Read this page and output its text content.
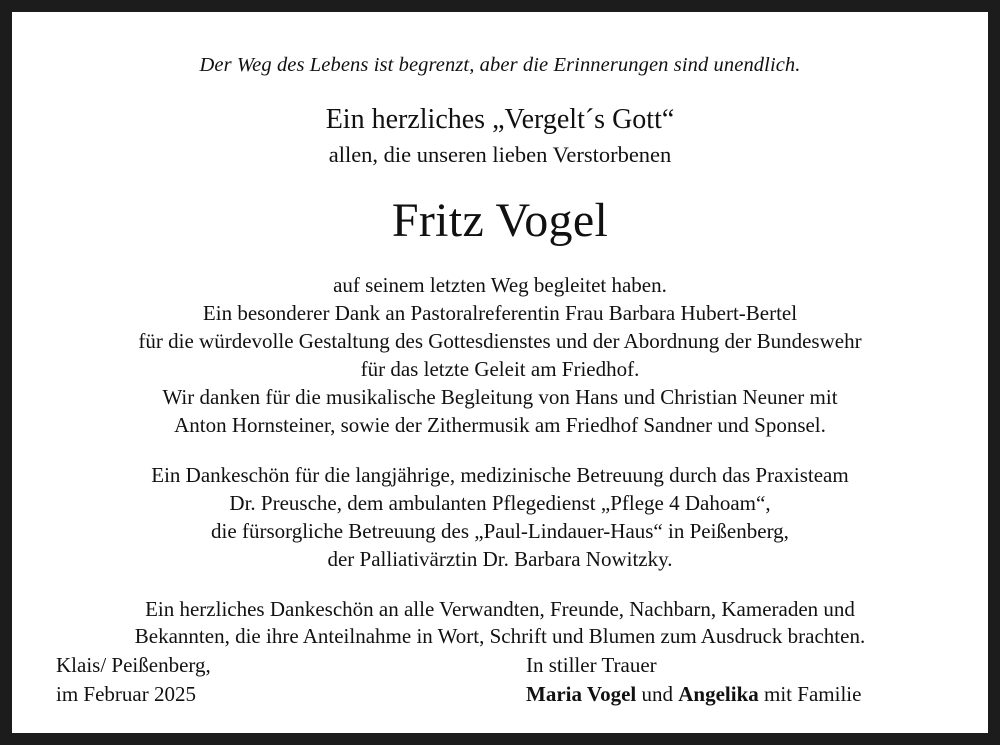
Der Weg des Lebens ist begrenzt, aber die Erinnerungen sind unendlich.
Ein herzliches „Vergelt´s Gott“
allen, die unseren lieben Verstorbenen
Fritz Vogel
auf seinem letzten Weg begleitet haben.
Ein besonderer Dank an Pastoralreferentin Frau Barbara Hubert-Bertel
für die würdevolle Gestaltung des Gottesdienstes und der Abordnung der Bundeswehr
für das letzte Geleit am Friedhof.
Wir danken für die musikalische Begleitung von Hans und Christian Neuner mit
Anton Hornsteiner, sowie der Zithermusik am Friedhof Sandner und Sponsel.
Ein Dankeschön für die langjährige, medizinische Betreuung durch das Praxisteam
Dr. Preusche, dem ambulanten Pflegedienst „Pflege 4 Dahoam“,
die fürsorgliche Betreuung des „Paul-Lindauer-Haus“ in Peißenberg,
der Palliativärztin Dr. Barbara Nowitzky.
Ein herzliches Dankeschön an alle Verwandten, Freunde, Nachbarn, Kameraden und
Bekannten, die ihre Anteilnahme in Wort, Schrift und Blumen zum Ausdruck brachten.
Klais/ Peißenberg,
im Februar 2025
In stiller Trauer
Maria Vogel und Angelika mit Familie
